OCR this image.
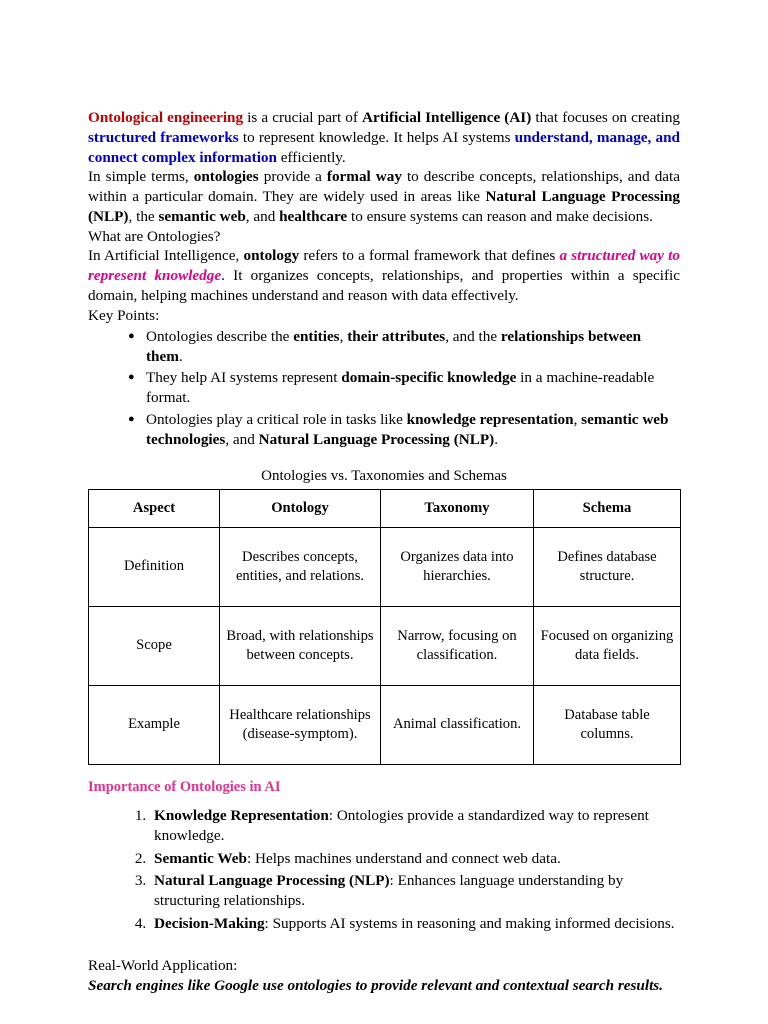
Ontological engineering is a crucial part of Artificial Intelligence (AI) that focuses on creating structured frameworks to represent knowledge. It helps AI systems understand, manage, and connect complex information efficiently.

In simple terms, ontologies provide a formal way to describe concepts, relationships, and data within a particular domain. They are widely used in areas like Natural Language Processing (NLP), the semantic web, and healthcare to ensure systems can reason and make decisions.

What are Ontologies?

In Artificial Intelligence, ontology refers to a formal framework that defines a structured way to represent knowledge. It organizes concepts, relationships, and properties within a specific domain, helping machines understand and reason with data effectively.

Key Points:

● Ontologies describe the entities, their attributes, and the relationships between them.
● They help AI systems represent domain-specific knowledge in a machine-readable format.
● Ontologies play a critical role in tasks like knowledge representation, semantic web technologies, and Natural Language Processing (NLP).
Ontologies vs. Taxonomies and Schemas
Aspect	Ontology	Taxonomy	Schema
Definition	Describes concepts, entities, and relations.	Organizes data into hierarchies.	Defines database structure.
Scope	Broad, with relationships between concepts.	Narrow, focusing on classification.	Focused on organizing data fields.
Example	Healthcare relationships (disease-symptom).	Animal classification.	Database table columns.

Importance of Ontologies in AI

1. Knowledge Representation: Ontologies provide a standardized way to represent knowledge.
2. Semantic Web: Helps machines understand and connect web data.
3. Natural Language Processing (NLP): Enhances language understanding by structuring relationships.
4. Decision-Making: Supports AI systems in reasoning and making informed decisions.
Real-World Application:
Search engines like Google use ontologies to provide relevant and contextual search results.
